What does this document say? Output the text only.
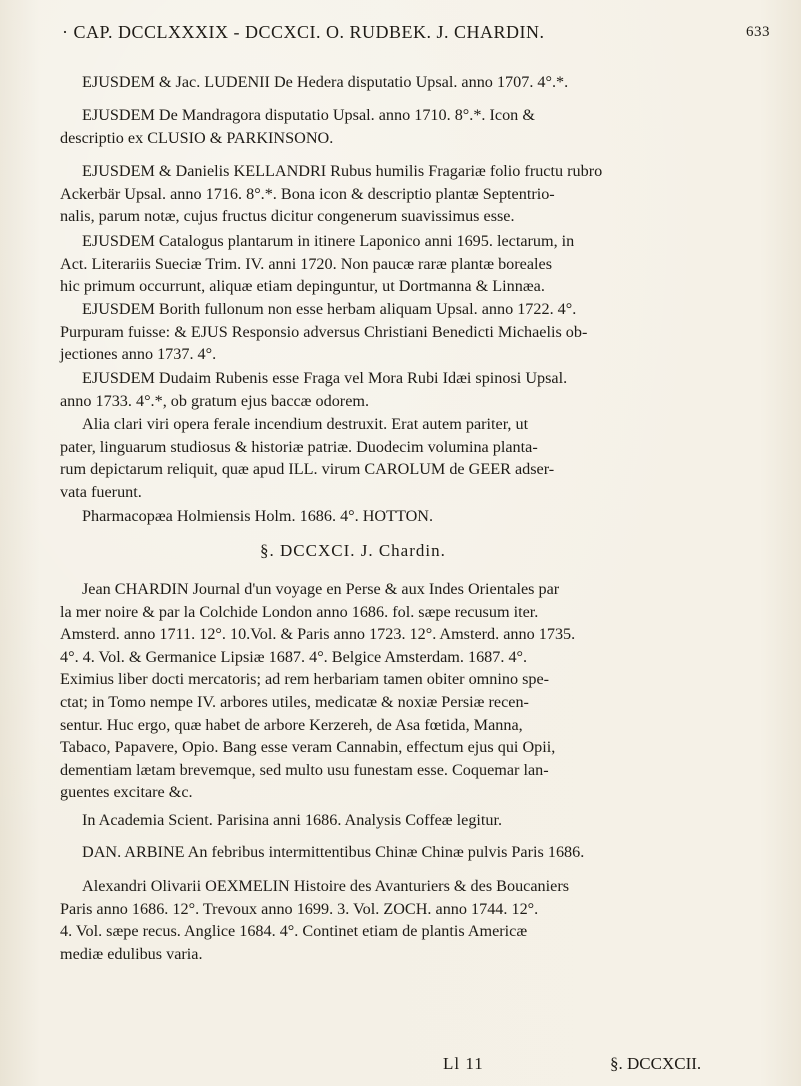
· CAP. DCCLXXXIX - DCCXCI. O. RUDBEK. J. CHARDIN.	633
EJUSDEM & Jac. LUDENII De Hedera disputatio Upsal. anno 1707. 4°.*.
EJUSDEM De Mandragora disputatio Upsal. anno 1710. 8°.*. Icon &
descriptio ex CLUSIO & PARKINSONO.
EJUSDEM & Danielis KELLANDRI Rubus humilis Fragariæ folio fructu rubro
Ackerbär Upsal. anno 1716. 8°.*. Bona icon & descriptio plantæ Septentrio-
nalis, parum notæ, cujus fructus dicitur congenerum suavissimus esse.
EJUSDEM Catalogus plantarum in itinere Laponico anni 1695. lectarum, in
Act. Literariis Sueciæ Trim. IV. anni 1720. Non paucæ raræ plantæ boreales
hic primum occurrunt, aliquæ etiam depinguntur, ut Dortmanna & Linnæa.
EJUSDEM Borith fullonum non esse herbam aliquam Upsal. anno 1722. 4°.
Purpuram fuisse: & EJUS Responsio adversus Christiani Benedicti Michaelis ob-
jectiones anno 1737. 4°.
EJUSDEM Dudaim Rubenis esse Fraga vel Mora Rubi Idæi spinosi Upsal.
anno 1733. 4°.*, ob gratum ejus baccæ odorem.
Alia clari viri opera ferale incendium destruxit. Erat autem pariter, ut
pater, linguarum studiosus & historiæ patriæ. Duodecim volumina planta-
rum depictarum reliquit, quæ apud ILL. virum CAROLUM de GEER adser-
vata fuerunt.
Pharmacopæa Holmiensis Holm. 1686. 4°. HOTTON.
§. DCCXCI. J. Chardin.
Jean CHARDIN Journal d'un voyage en Perse & aux Indes Orientales par
la mer noire & par la Colchide London anno 1686. fol. sæpe recusum iter.
Amsterd. anno 1711. 12°. 10.Vol. & Paris anno 1723. 12°. Amsterd. anno 1735.
4°. 4. Vol. & Germanice Lipsiæ 1687. 4°. Belgice Amsterdam. 1687. 4°.
Eximius liber docti mercatoris; ad rem herbariam tamen obiter omnino spe-
ctat; in Tomo nempe IV. arbores utiles, medicatæ & noxiæ Persiæ recen-
sentur. Huc ergo, quæ habet de arbore Kerzereh, de Asa fœtida, Manna,
Tabaco, Papavere, Opio. Bang esse veram Cannabin, effectum ejus qui Opii,
dementiam lætam brevemque, sed multo usu funestam esse. Coquemar lan-
guentes excitare &c.
In Academia Scient. Parisina anni 1686. Analysis Coffeæ legitur.
DAN. ARBINE An febribus intermittentibus Chinæ Chinæ pulvis Paris 1686.
Alexandri Olivarii OEXMELIN Histoire des Avanturiers & des Boucaniers
Paris anno 1686. 12°. Trevoux anno 1699. 3. Vol. ZOCH. anno 1744. 12°.
4. Vol. sæpe recus. Anglice 1684. 4°. Continet etiam de plantis Americæ
mediæ edulibus varia.
Ll 11	§. DCCXCII.
